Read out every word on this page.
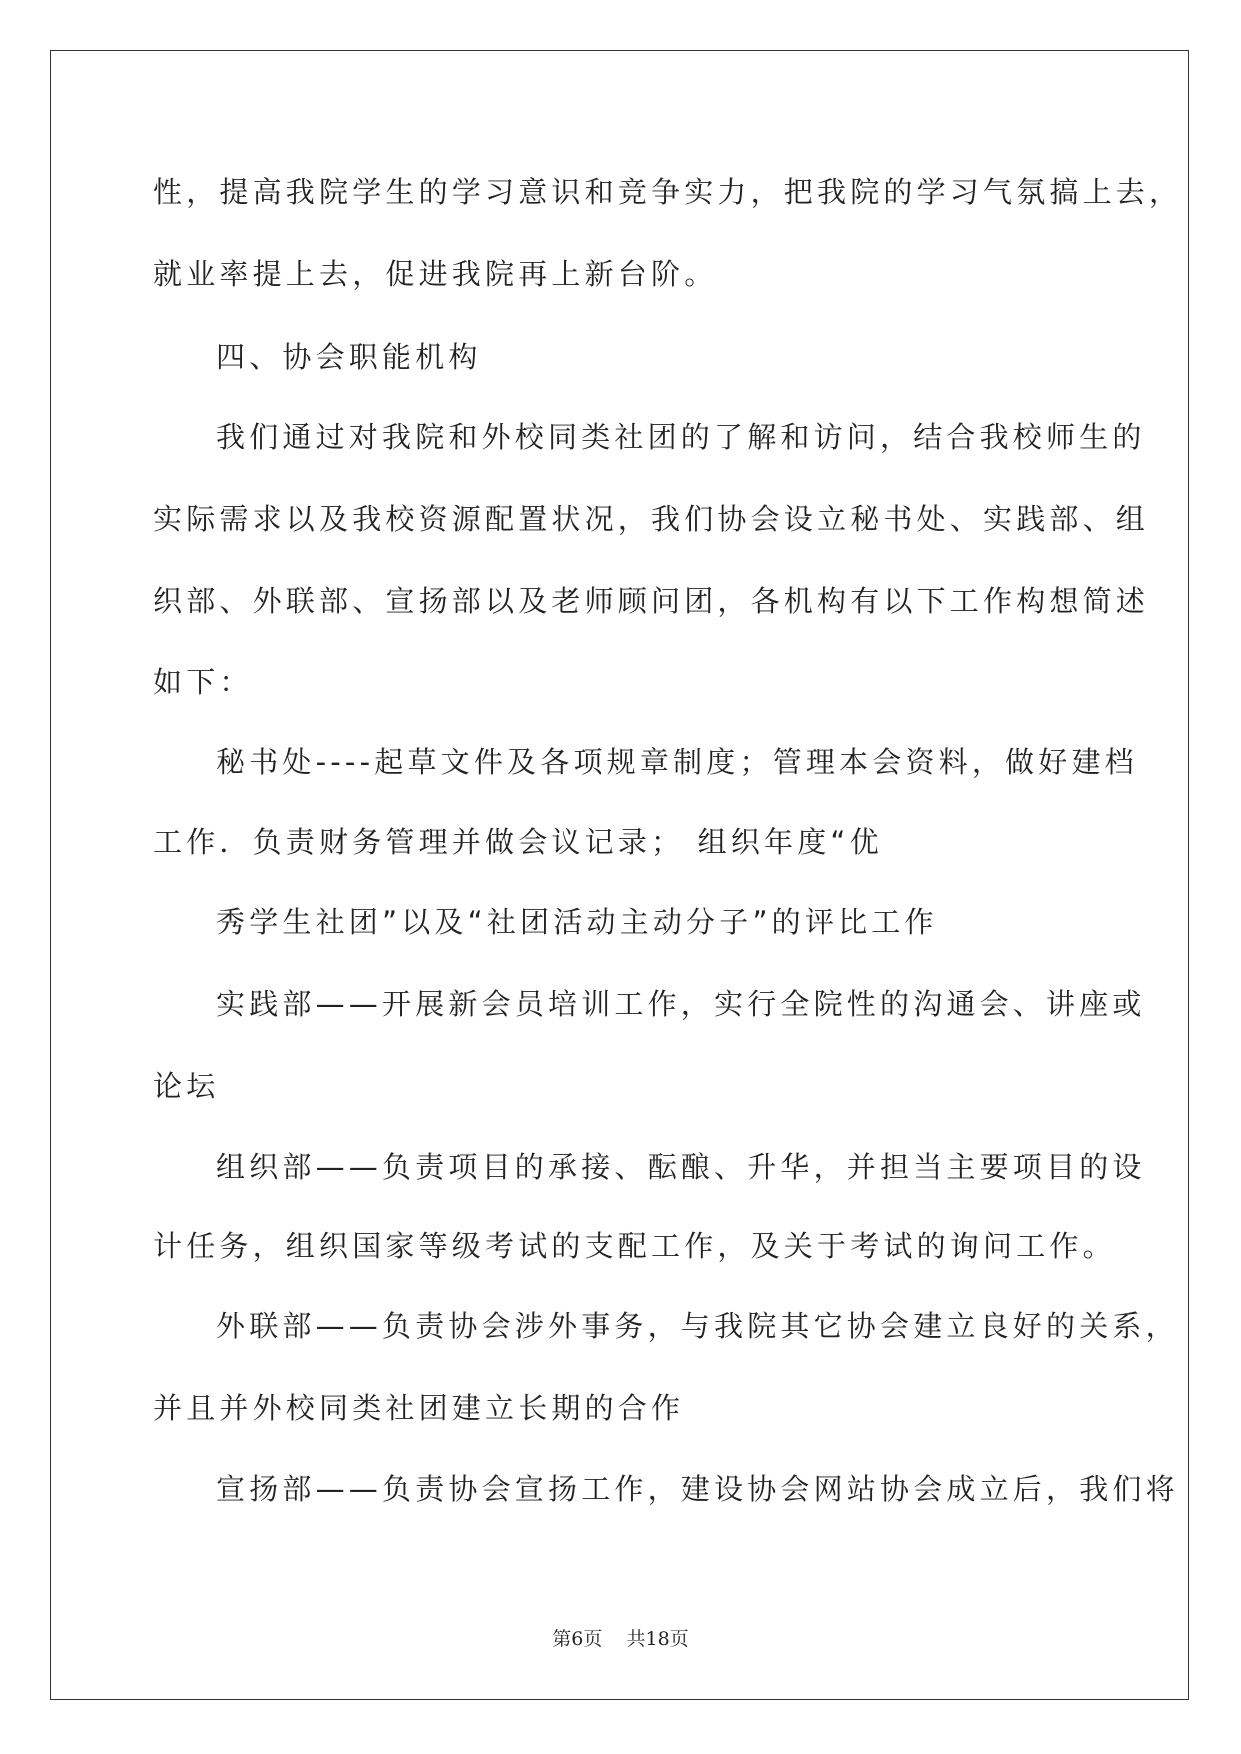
性，提高我院学生的学习意识和竞争实力，把我院的学习气氛搞上去，
就业率提上去，促进我院再上新台阶。
四、协会职能机构
我们通过对我院和外校同类社团的了解和访问，结合我校师生的
实际需求以及我校资源配置状况，我们协会设立秘书处、实践部、组
织部、外联部、宣扬部以及老师顾问团，各机构有以下工作构想简述
如下：
秘书处----起草文件及各项规章制度；管理本会资料，做好建档
工作．负责财务管理并做会议记录； 组织年度“优
秀学生社团”以及“社团活动主动分子”的评比工作
实践部——开展新会员培训工作，实行全院性的沟通会、讲座或
论坛
组织部——负责项目的承接、酝酿、升华，并担当主要项目的设
计任务，组织国家等级考试的支配工作，及关于考试的询问工作。
外联部——负责协会涉外事务，与我院其它协会建立良好的关系，
并且并外校同类社团建立长期的合作
宣扬部——负责协会宣扬工作，建设协会网站协会成立后，我们将
第6页 共18页
